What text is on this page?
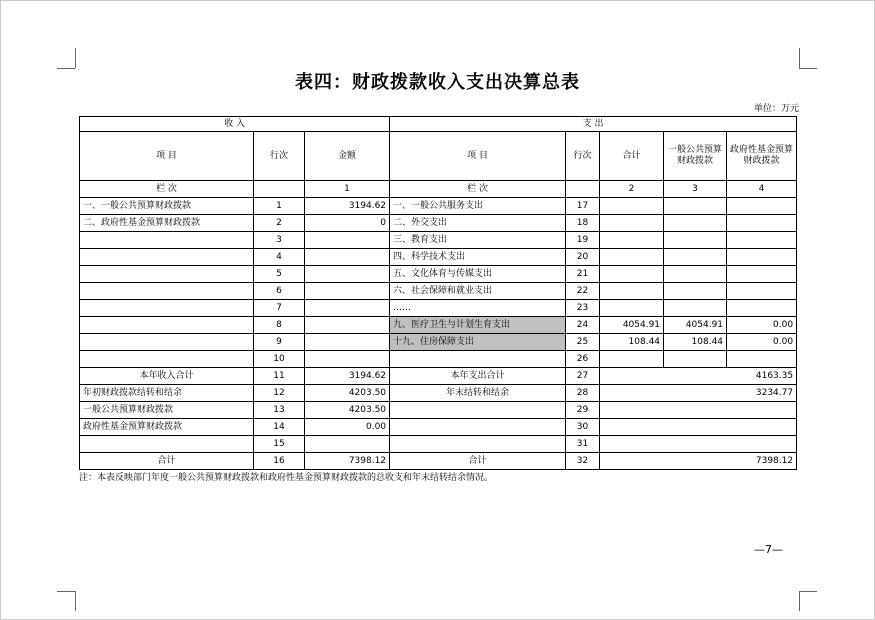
表四：财政拨款收入支出决算总表
单位：万元
收 入			支 出				
项 目	行次	金额	项 目	行次	合计	一般公共预算财政拨款	政府性基金预算财政拨款
栏 次		1	栏 次		2	3	4
一、一般公共预算财政拨款	1	3194.62	一、一般公共服务支出	17			
二、政府性基金预算财政拨款	2	0	二、外交支出	18			
	3		三、教育支出	19			
	4		四、科学技术支出	20			
	5		五、文化体育与传媒支出	21			
	6		六、社会保障和就业支出	22			
	7		……	23			
	8		九、医疗卫生与计划生育支出	24	4054.91	4054.91	0.00
	9		十九、住房保障支出	25	108.44	108.44	0.00
	10			26			
本年收入合计	11	3194.62	本年支出合计	27	4163.35		
年初财政拨款结转和结余	12	4203.50	年末结转和结余	28	3234.77		
一般公共预算财政拨款	13	4203.50		29			
政府性基金预算财政拨款	14	0.00		30			
	15			31			
合计	16	7398.12	合计	32	7398.12		
注：本表反映部门年度一般公共预算财政拨款和政府性基金预算财政拨款的总收支和年末结转结余情况。
—7—
